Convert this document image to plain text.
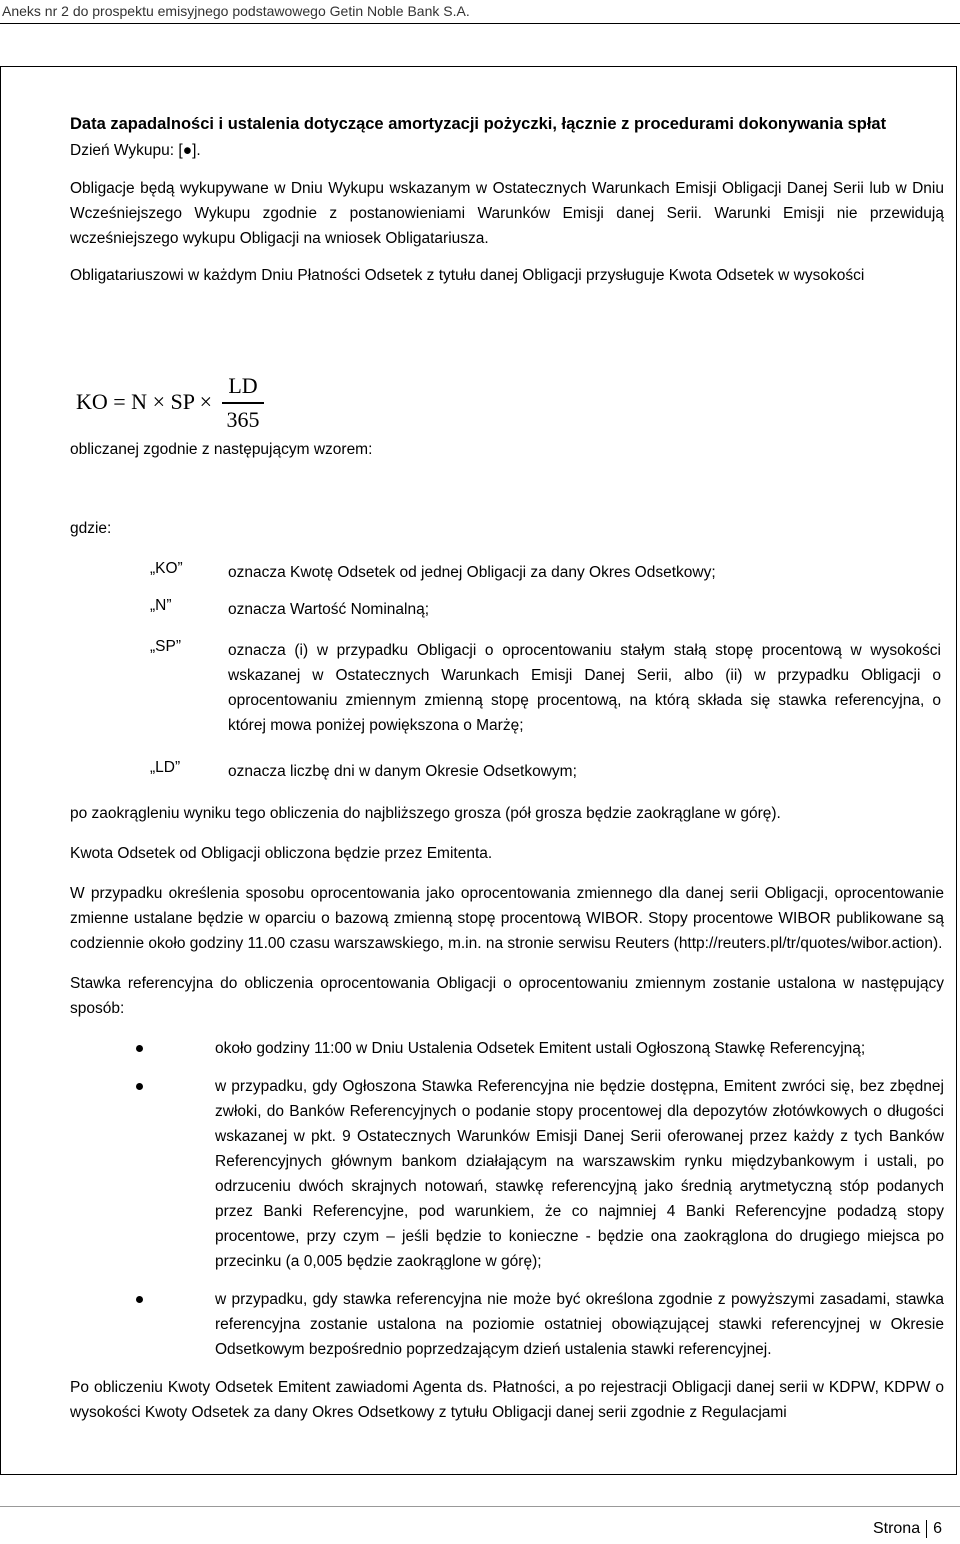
Aneks nr 2 do prospektu emisyjnego podstawowego Getin Noble Bank S.A.

Data zapadalności i ustalenia dotyczące amortyzacji pożyczki, łącznie z procedurami dokonywania spłat

Dzień Wykupu: [●].

Obligacje będą wykupywane w Dniu Wykupu wskazanym w Ostatecznych Warunkach Emisji Obligacji Danej Serii lub w Dniu Wcześniejszego Wykupu zgodnie z postanowieniami Warunków Emisji danej Serii. Warunki Emisji nie przewidują wcześniejszego wykupu Obligacji na wniosek Obligatariusza.

Obligatariuszowi w każdym Dniu Płatności Odsetek z tytułu danej Obligacji przysługuje Kwota Odsetek w wysokości

KO = N × SP ×
LD
365

obliczanej zgodnie z następującym wzorem:

gdzie:

„KO”	oznacza Kwotę Odsetek od jednej Obligacji za dany Okres Odsetkowy;
„N”	oznacza Wartość Nominalną;
„SP”	oznacza (i) w przypadku Obligacji o oprocentowaniu stałym stałą stopę procentową w wysokości wskazanej w Ostatecznych Warunkach Emisji Danej Serii, albo (ii) w przypadku Obligacji o oprocentowaniu zmiennym zmienną stopę procentową, na którą składa się stawka referencyjna, o której mowa poniżej powiększona o Marżę;
„LD”	oznacza liczbę dni w danym Okresie Odsetkowym;

po zaokrągleniu wyniku tego obliczenia do najbliższego grosza (pół grosza będzie zaokrąglane w górę).

Kwota Odsetek od Obligacji obliczona będzie przez Emitenta.

W przypadku określenia sposobu oprocentowania jako oprocentowania zmiennego dla danej serii Obligacji, oprocentowanie zmienne ustalane będzie w oparciu o bazową zmienną stopę procentową WIBOR. Stopy procentowe WIBOR publikowane są codziennie około godziny 11.00 czasu warszawskiego, m.in. na stronie serwisu Reuters (http://reuters.pl/tr/quotes/wibor.action).

Stawka referencyjna do obliczenia oprocentowania Obligacji o oprocentowaniu zmiennym zostanie ustalona w następujący sposób:

około godziny 11:00 w Dniu Ustalenia Odsetek Emitent ustali Ogłoszoną Stawkę Referencyjną;
w przypadku, gdy Ogłoszona Stawka Referencyjna nie będzie dostępna, Emitent zwróci się, bez zbędnej zwłoki, do Banków Referencyjnych o podanie stopy procentowej dla depozytów złotówkowych o długości wskazanej w pkt. 9 Ostatecznych Warunków Emisji Danej Serii oferowanej przez każdy z tych Banków Referencyjnych głównym bankom działającym na warszawskim rynku międzybankowym i ustali, po odrzuceniu dwóch skrajnych notowań, stawkę referencyjną jako średnią arytmetyczną stóp podanych przez Banki Referencyjne, pod warunkiem, że co najmniej 4 Banki Referencyjne podadzą stopy procentowe, przy czym – jeśli będzie to konieczne - będzie ona zaokrąglona do drugiego miejsca po przecinku (a 0,005 będzie zaokrąglone w górę);
w przypadku, gdy stawka referencyjna nie może być określona zgodnie z powyższymi zasadami, stawka referencyjna zostanie ustalona na poziomie ostatniej obowiązującej stawki referencyjnej w Okresie Odsetkowym bezpośrednio poprzedzającym dzień ustalenia stawki referencyjnej.

Po obliczeniu Kwoty Odsetek Emitent zawiadomi Agenta ds. Płatności, a po rejestracji Obligacji danej serii w KDPW, KDPW o wysokości Kwoty Odsetek za dany Okres Odsetkowy z tytułu Obligacji danej serii zgodnie z Regulacjami

Strona 6
